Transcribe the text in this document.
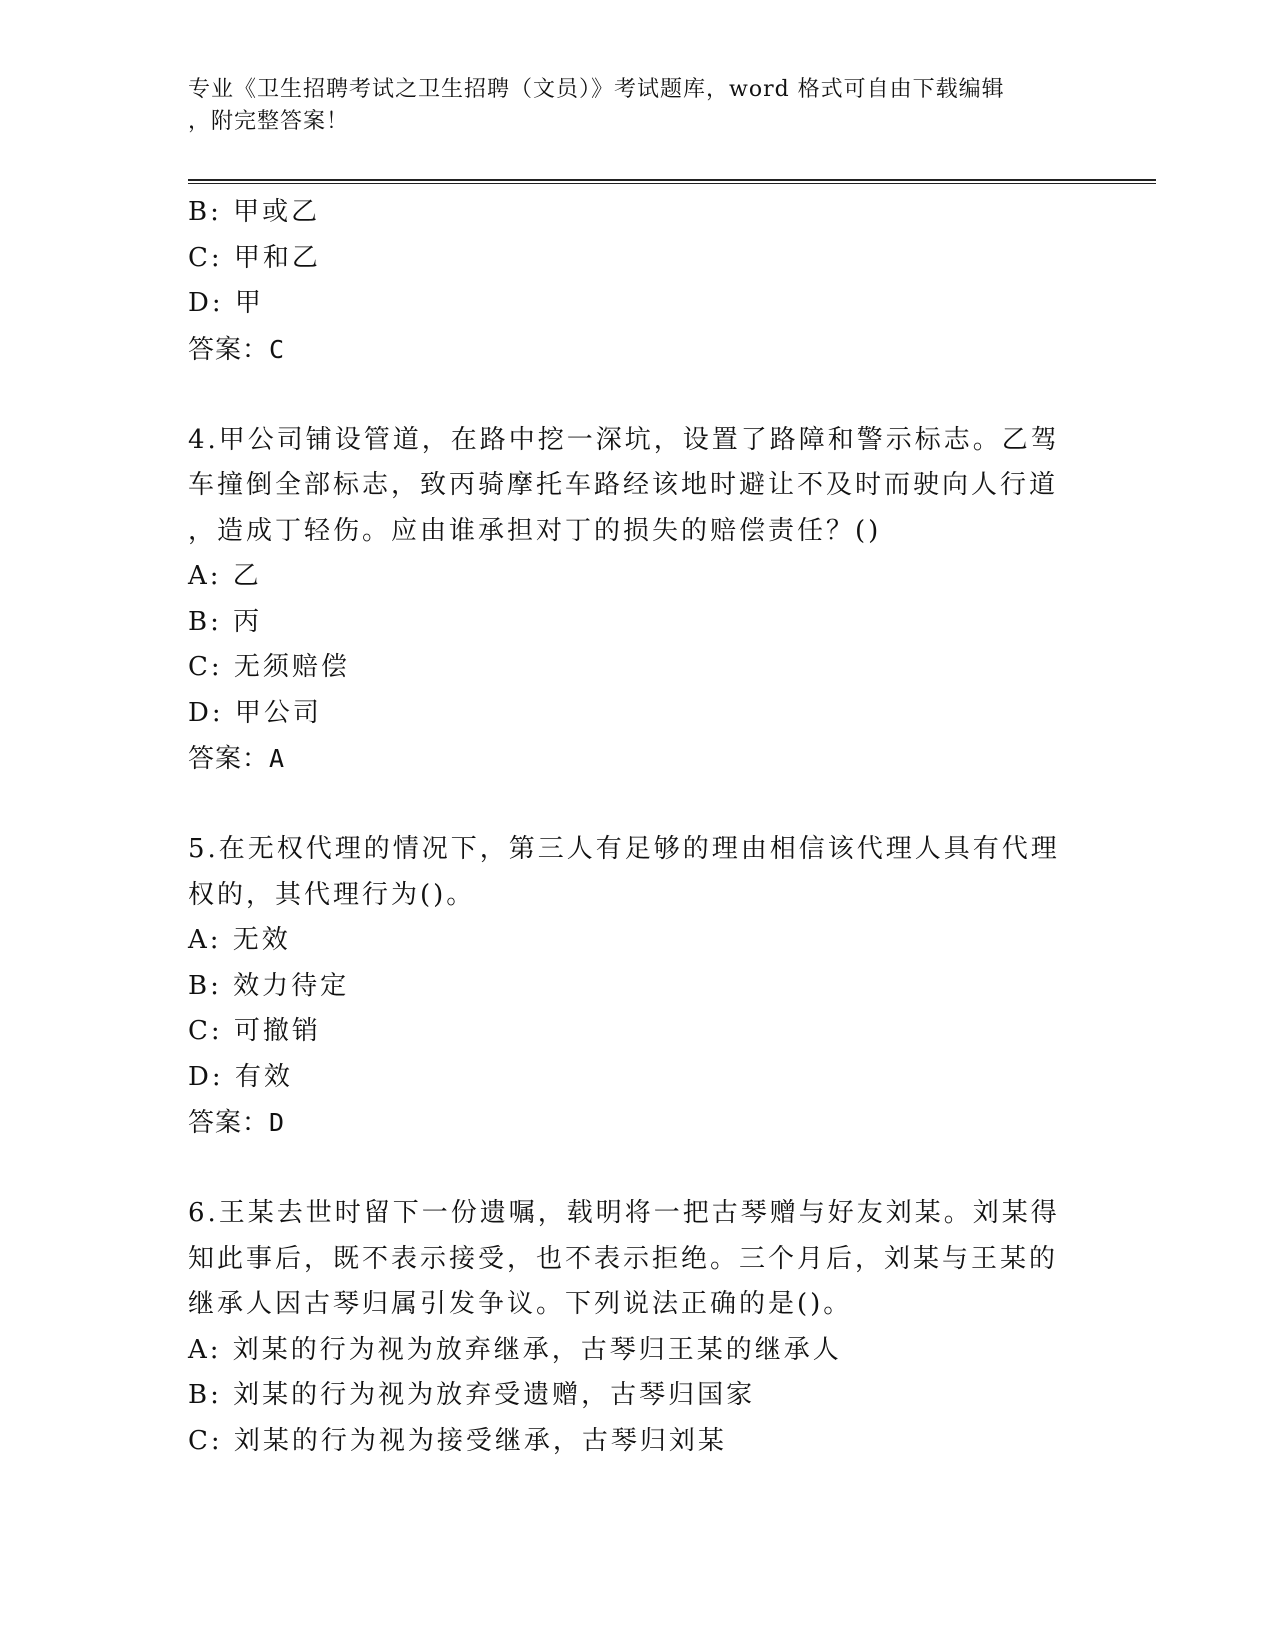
专业《卫生招聘考试之卫生招聘（文员）》考试题库，word 格式可自由下载编辑
，附完整答案！
B: 甲或乙
C: 甲和乙
D: 甲
答案：C
4.甲公司铺设管道，在路中挖一深坑，设置了路障和警示标志。乙驾
车撞倒全部标志，致丙骑摩托车路经该地时避让不及时而驶向人行道
，造成丁轻伤。应由谁承担对丁的损失的赔偿责任？()
A: 乙
B: 丙
C: 无须赔偿
D: 甲公司
答案：A
5.在无权代理的情况下，第三人有足够的理由相信该代理人具有代理
权的，其代理行为()。
A: 无效
B: 效力待定
C: 可撤销
D: 有效
答案：D
6.王某去世时留下一份遗嘱，载明将一把古琴赠与好友刘某。刘某得
知此事后，既不表示接受，也不表示拒绝。三个月后，刘某与王某的
继承人因古琴归属引发争议。下列说法正确的是()。
A: 刘某的行为视为放弃继承，古琴归王某的继承人
B: 刘某的行为视为放弃受遗赠，古琴归国家
C: 刘某的行为视为接受继承，古琴归刘某
